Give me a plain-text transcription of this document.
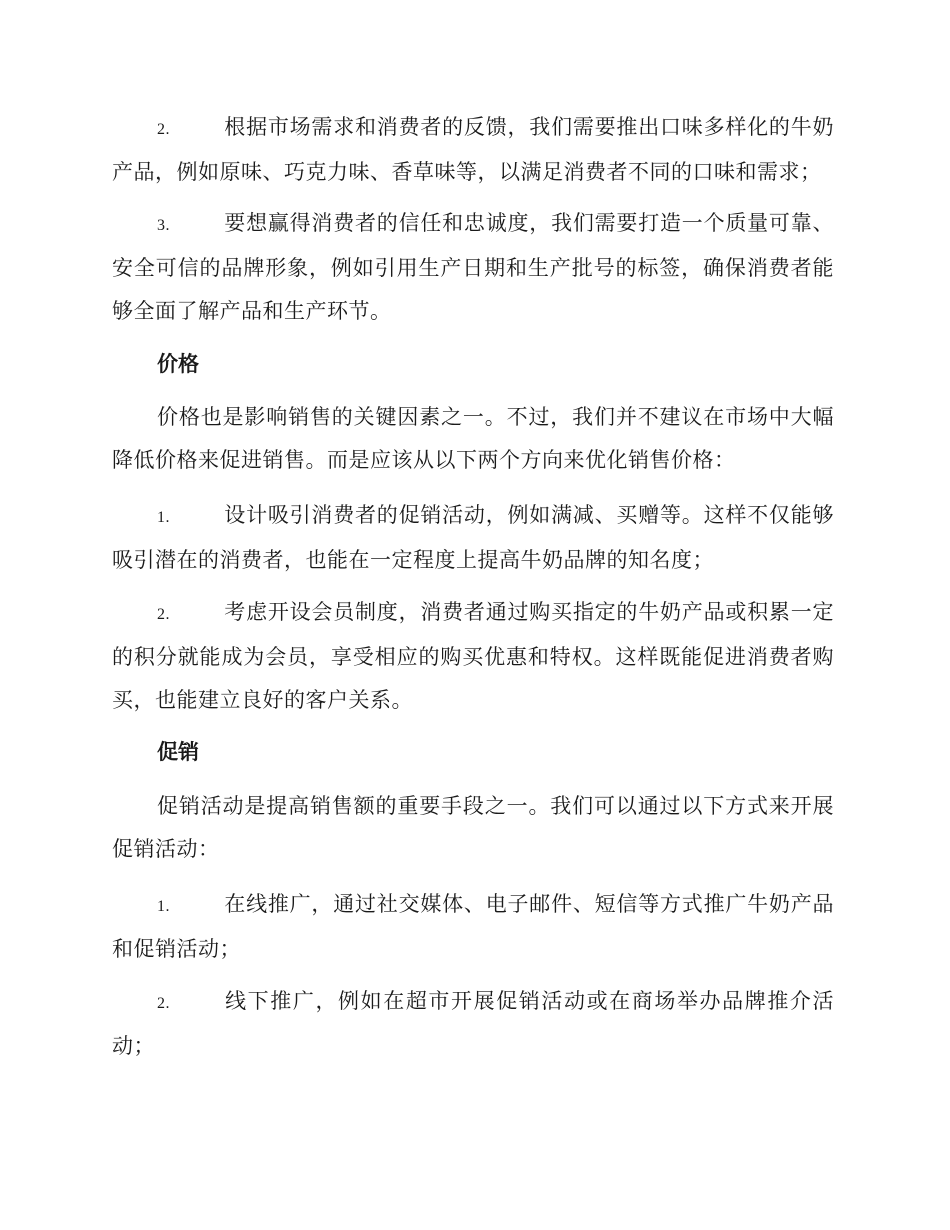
2.	根据市场需求和消费者的反馈，我们需要推出口味多样化的牛奶产品，例如原味、巧克力味、香草味等，以满足消费者不同的口味和需求；

3.	要想赢得消费者的信任和忠诚度，我们需要打造一个质量可靠、安全可信的品牌形象，例如引用生产日期和生产批号的标签，确保消费者能够全面了解产品和生产环节。

价格

价格也是影响销售的关键因素之一。不过，我们并不建议在市场中大幅降低价格来促进销售。而是应该从以下两个方向来优化销售价格：

1.	设计吸引消费者的促销活动，例如满减、买赠等。这样不仅能够吸引潜在的消费者，也能在一定程度上提高牛奶品牌的知名度；

2.	考虑开设会员制度，消费者通过购买指定的牛奶产品或积累一定的积分就能成为会员，享受相应的购买优惠和特权。这样既能促进消费者购买，也能建立良好的客户关系。

促销

促销活动是提高销售额的重要手段之一。我们可以通过以下方式来开展促销活动：

1.	在线推广，通过社交媒体、电子邮件、短信等方式推广牛奶产品和促销活动；

2.	线下推广，例如在超市开展促销活动或在商场举办品牌推介活动；
